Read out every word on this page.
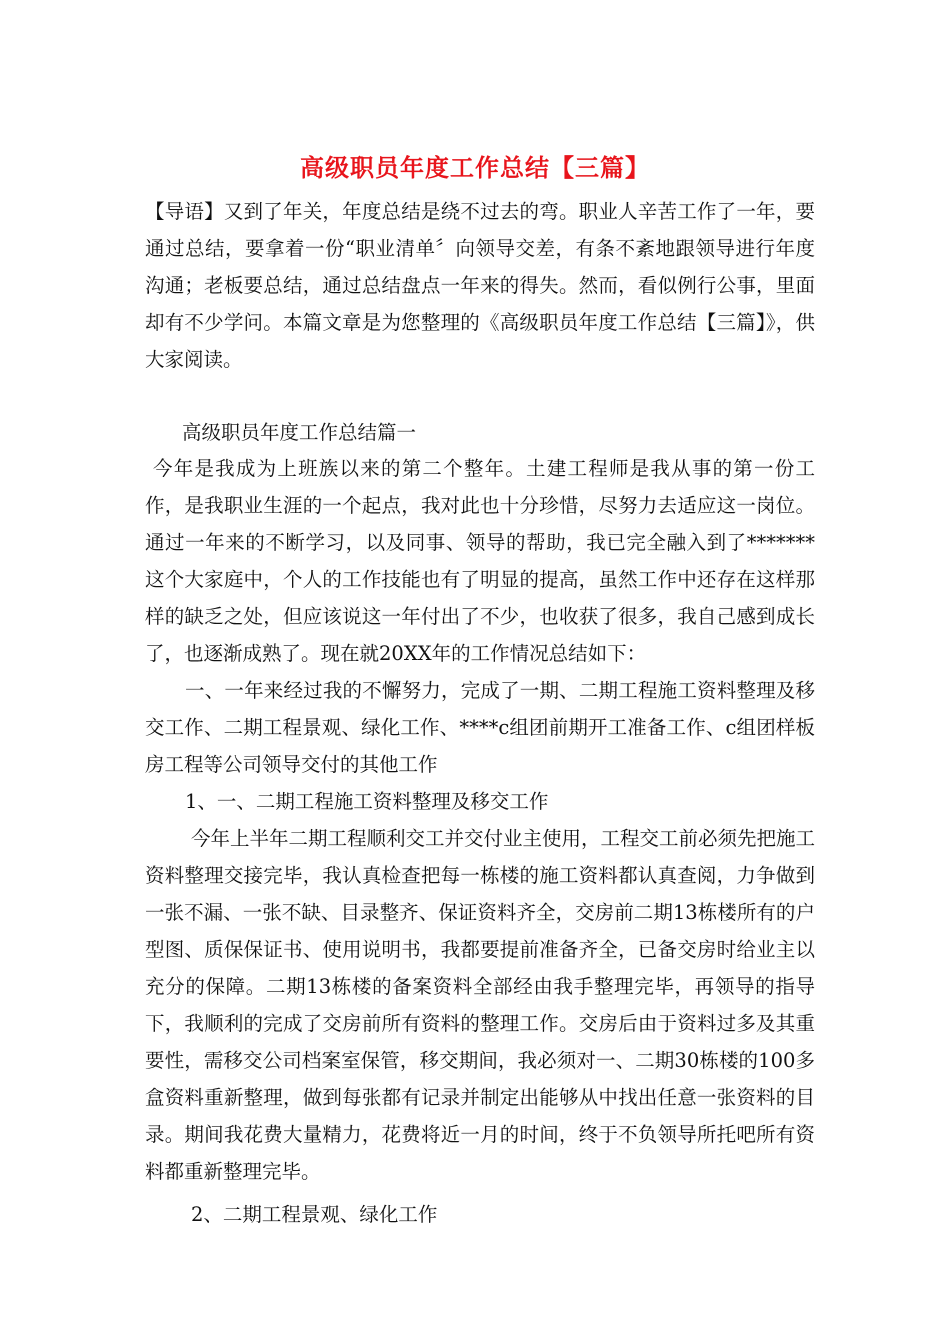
高级职员年度工作总结【三篇】

【导语】又到了年关，年度总结是绕不过去的弯。职业人辛苦工作了一年，要通过总结，要拿着一份“职业清单〞向领导交差，有条不紊地跟领导进行年度沟通；老板要总结，通过总结盘点一年来的得失。然而，看似例行公事，里面却有不少学问。本篇文章是为您整理的《高级职员年度工作总结【三篇】》，供大家阅读。

高级职员年度工作总结篇一

今年是我成为上班族以来的第二个整年。土建工程师是我从事的第一份工作，是我职业生涯的一个起点，我对此也十分珍惜，尽努力去适应这一岗位。通过一年来的不断学习，以及同事、领导的帮助，我已完全融入到了*******这个大家庭中，个人的工作技能也有了明显的提高，虽然工作中还存在这样那样的缺乏之处，但应该说这一年付出了不少，也收获了很多，我自己感到成长了，也逐渐成熟了。现在就20XX年的工作情况总结如下：

一、一年来经过我的不懈努力，完成了一期、二期工程施工资料整理及移交工作、二期工程景观、绿化工作、****c组团前期开工准备工作、c组团样板房工程等公司领导交付的其他工作

1、一、二期工程施工资料整理及移交工作

今年上半年二期工程顺利交工并交付业主使用，工程交工前必须先把施工资料整理交接完毕，我认真检查把每一栋楼的施工资料都认真查阅，力争做到一张不漏、一张不缺、目录整齐、保证资料齐全，交房前二期13栋楼所有的户型图、质保保证书、使用说明书，我都要提前准备齐全，已备交房时给业主以充分的保障。二期13栋楼的备案资料全部经由我手整理完毕，再领导的指导下，我顺利的完成了交房前所有资料的整理工作。交房后由于资料过多及其重要性，需移交公司档案室保管，移交期间，我必须对一、二期30栋楼的100多盒资料重新整理，做到每张都有记录并制定出能够从中找出任意一张资料的目录。期间我花费大量精力，花费将近一月的时间，终于不负领导所托吧所有资料都重新整理完毕。

2、二期工程景观、绿化工作
